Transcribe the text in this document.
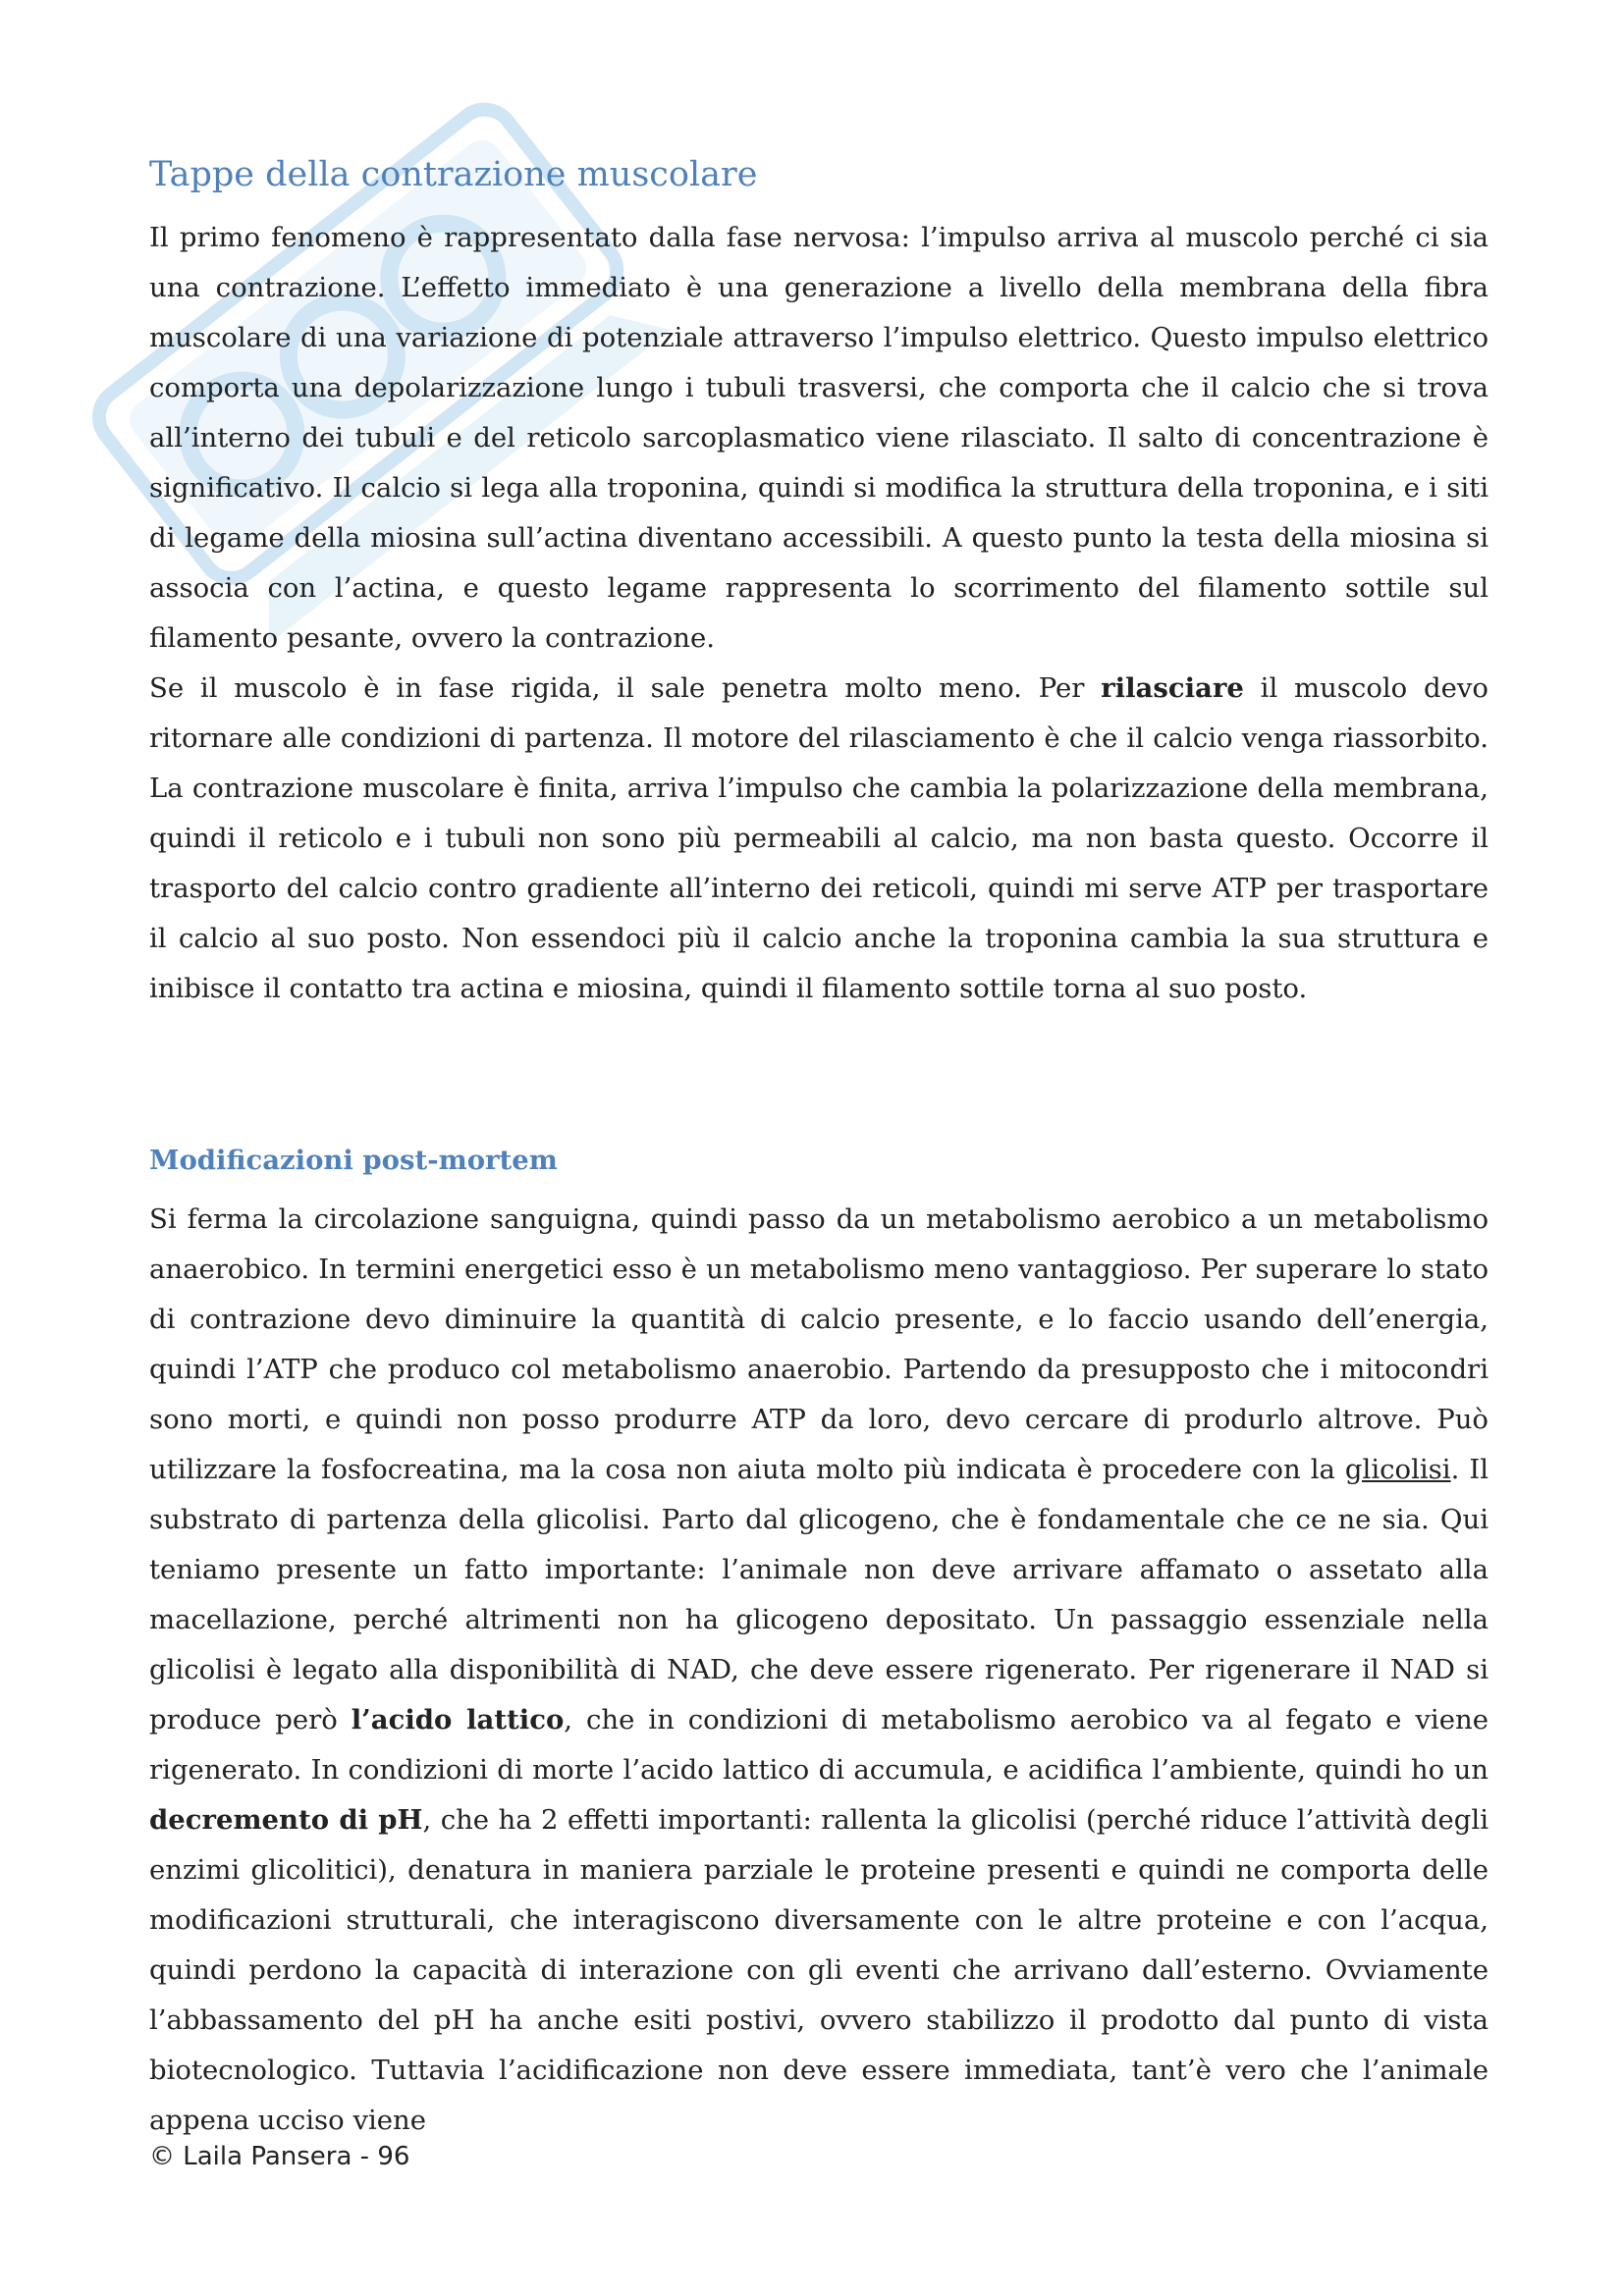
Tappe della contrazione muscolare

Il primo fenomeno è rappresentato dalla fase nervosa: l’impulso arriva al muscolo perché ci sia una contrazione. L’effetto immediato è una generazione a livello della membrana della fibra muscolare di una variazione di potenziale attraverso l’impulso elettrico. Questo impulso elettrico comporta una depolarizzazione lungo i tubuli trasversi, che comporta che il calcio che si trova all’interno dei tubuli e del reticolo sarcoplasmatico viene rilasciato. Il salto di concentrazione è significativo. Il calcio si lega alla troponina, quindi si modifica la struttura della troponina, e i siti di legame della miosina sull’actina diventano accessibili. A questo punto la testa della miosina si associa con l’actina, e questo legame rappresenta lo scorrimento del filamento sottile sul filamento pesante, ovvero la contrazione.

Se il muscolo è in fase rigida, il sale penetra molto meno. Per rilasciare il muscolo devo ritornare alle condizioni di partenza. Il motore del rilasciamento è che il calcio venga riassorbito. La contrazione muscolare è finita, arriva l’impulso che cambia la polarizzazione della membrana, quindi il reticolo e i tubuli non sono più permeabili al calcio, ma non basta questo. Occorre il trasporto del calcio contro gradiente all’interno dei reticoli, quindi mi serve ATP per trasportare il calcio al suo posto. Non essendoci più il calcio anche la troponina cambia la sua struttura e inibisce il contatto tra actina e miosina, quindi il filamento sottile torna al suo posto.

Modificazioni post-mortem

Si ferma la circolazione sanguigna, quindi passo da un metabolismo aerobico a un metabolismo anaerobico. In termini energetici esso è un metabolismo meno vantaggioso. Per superare lo stato di contrazione devo diminuire la quantità di calcio presente, e lo faccio usando dell’energia, quindi l’ATP che produco col metabolismo anaerobio. Partendo da presupposto che i mitocondri sono morti, e quindi non posso produrre ATP da loro, devo cercare di produrlo altrove. Può utilizzare la fosfocreatina, ma la cosa non aiuta molto più indicata è procedere con la glicolisi. Il substrato di partenza della glicolisi. Parto dal glicogeno, che è fondamentale che ce ne sia. Qui teniamo presente un fatto importante: l’animale non deve arrivare affamato o assetato alla macellazione, perché altrimenti non ha glicogeno depositato. Un passaggio essenziale nella glicolisi è legato alla disponibilità di NAD, che deve essere rigenerato. Per rigenerare il NAD si produce però l’acido lattico, che in condizioni di metabolismo aerobico va al fegato e viene rigenerato. In condizioni di morte l’acido lattico di accumula, e acidifica l’ambiente, quindi ho un decremento di pH, che ha 2 effetti importanti: rallenta la glicolisi (perché riduce l’attività degli enzimi glicolitici), denatura in maniera parziale le proteine presenti e quindi ne comporta delle modificazioni strutturali, che interagiscono diversamente con le altre proteine e con l’acqua, quindi perdono la capacità di interazione con gli eventi che arrivano dall’esterno. Ovviamente l’abbassamento del pH ha anche esiti postivi, ovvero stabilizzo il prodotto dal punto di vista biotecnologico. Tuttavia l’acidificazione non deve essere immediata, tant’è vero che l’animale appena ucciso viene

© Laila Pansera - 96
